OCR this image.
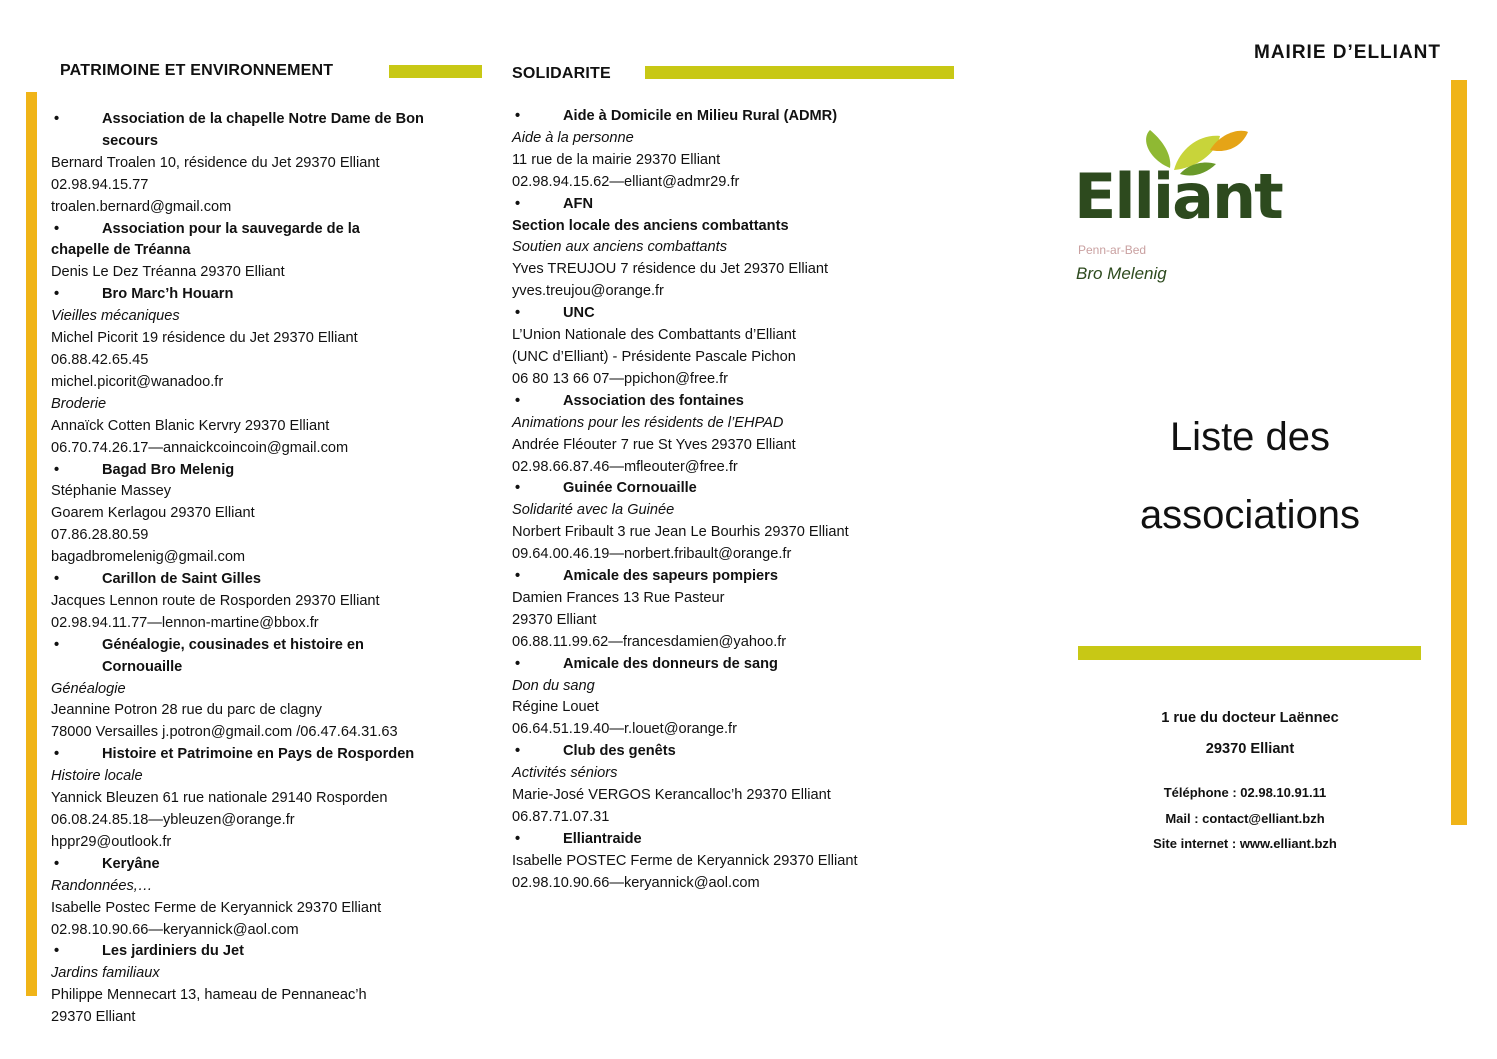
PATRIMOINE ET ENVIRONNEMENT
•	Association de la chapelle Notre Dame de Bon
secours
Bernard Troalen 10, résidence du Jet 29370 Elliant
02.98.94.15.77
troalen.bernard@gmail.com
•	Association pour la sauvegarde de la
chapelle de Tréanna
Denis Le Dez Tréanna 29370 Elliant
•	Bro Marc’h Houarn
Vieilles mécaniques
Michel Picorit 19 résidence du Jet 29370 Elliant
06.88.42.65.45
michel.picorit@wanadoo.fr
Broderie
Annaïck Cotten Blanic Kervry 29370 Elliant
06.70.74.26.17—annaickcoincoin@gmail.com
•	Bagad Bro Melenig
Stéphanie Massey
Goarem Kerlagou 29370 Elliant
07.86.28.80.59
bagadbromelenig@gmail.com
•	Carillon de Saint Gilles
Jacques Lennon route de Rosporden 29370 Elliant
02.98.94.11.77—lennon-martine@bbox.fr
•	Généalogie, cousinades et histoire en
Cornouaille
Généalogie
Jeannine Potron 28 rue du parc de clagny
78000 Versailles j.potron@gmail.com /06.47.64.31.63
•	Histoire et Patrimoine en Pays de Rosporden
Histoire locale
Yannick Bleuzen 61 rue nationale 29140 Rosporden
06.08.24.85.18—ybleuzen@orange.fr
hppr29@outlook.fr
•	Keryâne
Randonnées,…
Isabelle Postec Ferme de Keryannick 29370 Elliant
02.98.10.90.66—keryannick@aol.com
•	Les jardiniers du Jet
Jardins familiaux
Philippe Mennecart 13, hameau de Pennaneac’h
29370 Elliant
SOLIDARITE
•	Aide à Domicile en Milieu Rural (ADMR)
Aide à la personne
11 rue de la mairie 29370 Elliant
02.98.94.15.62—elliant@admr29.fr
•	AFN
Section locale des anciens combattants
Soutien aux anciens combattants
Yves TREUJOU 7 résidence du Jet 29370 Elliant
yves.treujou@orange.fr
•	UNC
L’Union Nationale des Combattants d’Elliant
(UNC d’Elliant) - Présidente Pascale Pichon
06 80 13 66 07—ppichon@free.fr
•	Association des fontaines
Animations pour les résidents de l’EHPAD
Andrée Fléouter 7 rue St Yves 29370 Elliant
02.98.66.87.46—mfleouter@free.fr
•	Guinée Cornouaille
Solidarité avec la Guinée
Norbert Fribault 3 rue Jean Le Bourhis 29370 Elliant
09.64.00.46.19—norbert.fribault@orange.fr
•	Amicale des sapeurs pompiers
Damien Frances 13 Rue Pasteur
29370 Elliant
06.88.11.99.62—francesdamien@yahoo.fr
•	Amicale des donneurs de sang
Don du sang
Régine Louet
06.64.51.19.40—r.louet@orange.fr
•	Club des genêts
Activités séniors
Marie-José VERGOS Kerancalloc’h 29370 Elliant
06.87.71.07.31
•	Elliantraide
Isabelle POSTEC Ferme de Keryannick 29370 Elliant
02.98.10.90.66—keryannick@aol.com
MAIRIE D’ELLIANT
Elliant
Penn-ar-Bed
Bro Melenig
Liste des
associations
1 rue du docteur Laënnec
29370 Elliant
Téléphone : 02.98.10.91.11
Mail : contact@elliant.bzh
Site internet : www.elliant.bzh
